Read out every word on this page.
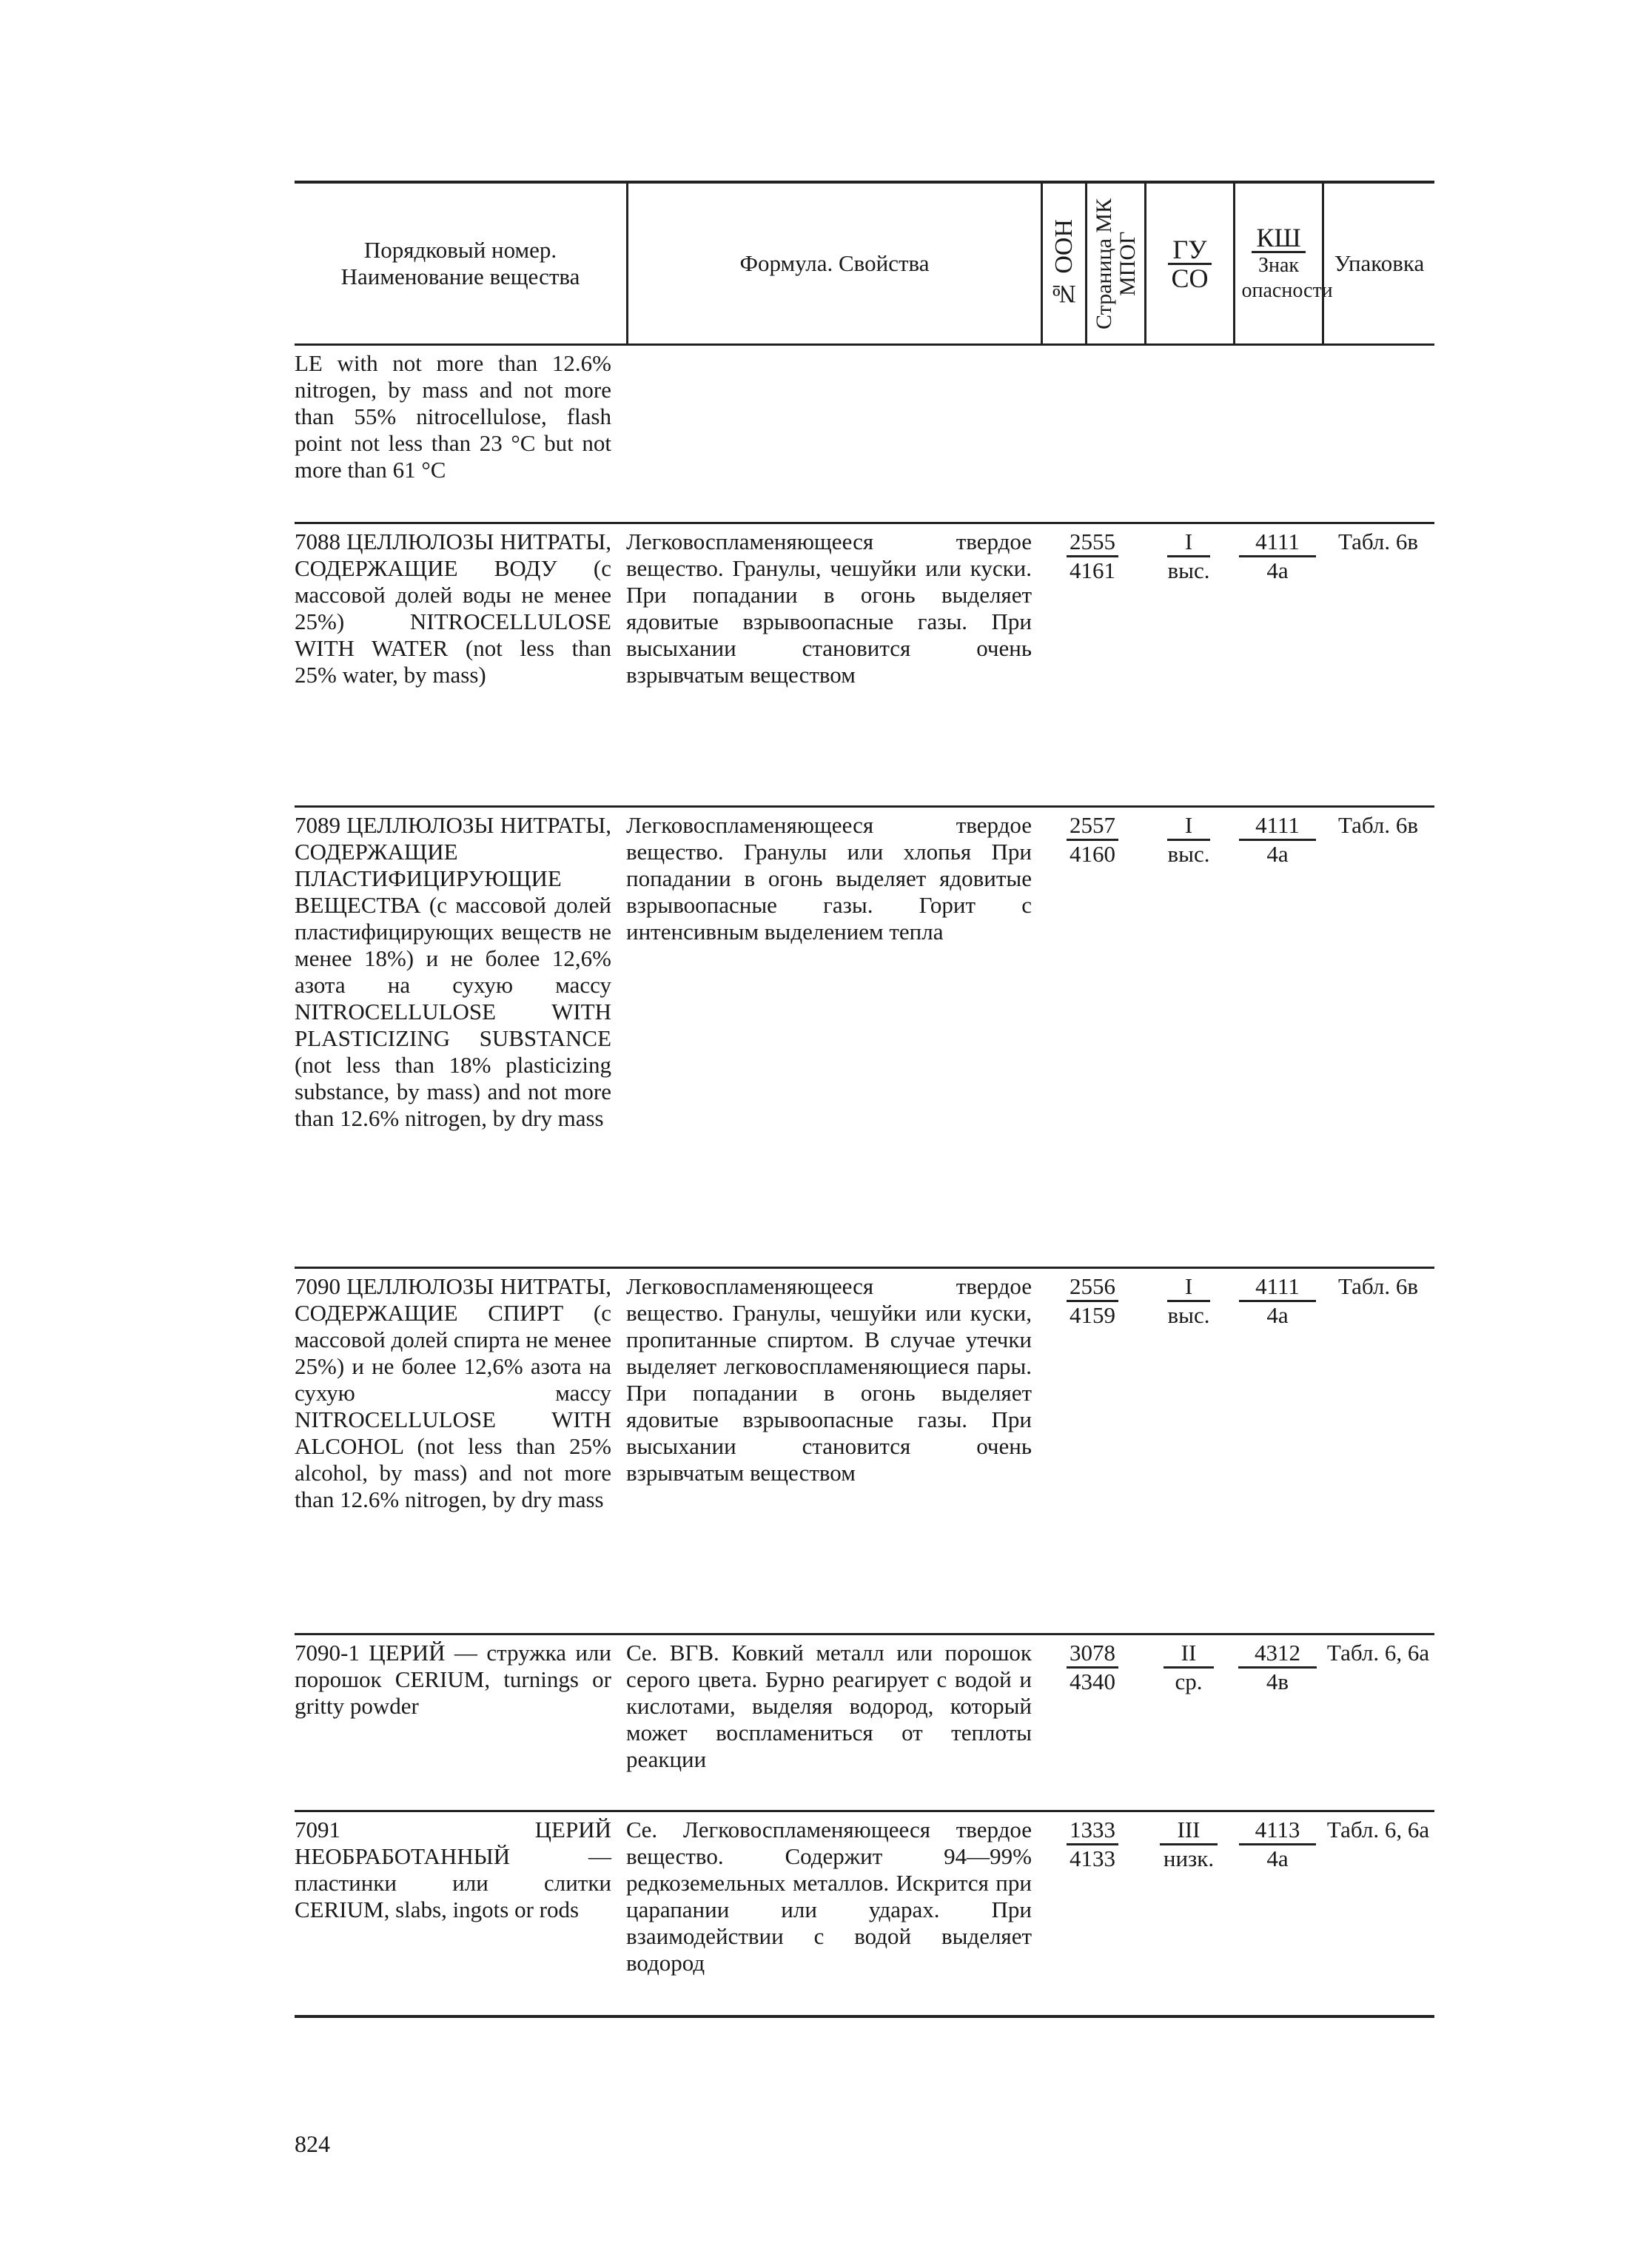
Порядковый номер. Наименование вещества
Формула. Свойства	№ ООН Страница МК МПОГ $\frac{ГУ}{СО} \frac{КШ}{\text{Знак опасности}}$ Упаковка
LE with not more than 12.6% nitrogen, by mass and not more than 55% nitrocellulose, flash point not less than 23 °C but not more than 61 °C
7088 ЦЕЛЛЮЛОЗЫ НИТРАТЫ, СОДЕРЖАЩИЕ ВОДУ (с массовой долей воды не менее 25%) NITROCELLULOSE WITH WATER (not less than 25% water, by mass)
Легковоспламеняющееся твердое вещество. Гранулы, чешуйки или куски. При попадании в огонь выделяет ядовитые взрывоопасные газы. При высыхании становится очень взрывчатым веществом
2555
4161
I
выс.
4111
4а
Табл. 6в
7089 ЦЕЛЛЮЛОЗЫ НИТРАТЫ, СОДЕРЖАЩИЕ ПЛАСТИФИЦИРУЮЩИЕ ВЕЩЕСТВА (с массовой долей пластифицирующих веществ не менее 18%) и не более 12,6% азота на сухую массу NITROCELLULOSE WITH PLASTICIZING SUBSTANCE (not less than 18% plasticizing substance, by mass) and not more than 12.6% nitrogen, by dry mass
Легковоспламеняющееся твердое вещество. Гранулы или хлопья При попадании в огонь выделяет ядовитые взрывоопасные газы. Горит с интенсивным выделением тепла
2557
4160
I
выс.
4111
4а
Табл. 6в
7090 ЦЕЛЛЮЛОЗЫ НИТРАТЫ, СОДЕРЖАЩИЕ СПИРТ (с массовой долей спирта не менее 25%) и не более 12,6% азота на сухую массу NITROCELLULOSE WITH ALCOHOL (not less than 25% alcohol, by mass) and not more than 12.6% nitrogen, by dry mass
Легковоспламеняющееся твердое вещество. Гранулы, чешуйки или куски, пропитанные спиртом. В случае утечки выделяет легковоспламеняющиеся пары. При попадании в огонь выделяет ядовитые взрывоопасные газы. При высыхании становится очень взрывчатым веществом
2556
4159
I
выс.
4111
4а
Табл. 6в
7090-1 ЦЕРИЙ — стружка или порошок CERIUM, turnings or gritty powder
Ce. ВГВ. Ковкий металл или порошок серого цвета. Бурно реагирует с водой и кислотами, выделяя водород, который может воспламениться от теплоты реакции
3078
4340
II
ср.
4312
4в
Табл. 6, 6а
7091 ЦЕРИЙ НЕОБРАБОТАННЫЙ — пластинки или слитки CERIUM, slabs, ingots or rods
Ce. Легковоспламеняющееся твердое вещество. Содержит 94—99% редкоземельных металлов. Искрится при царапании или ударах. При взаимодействии с водой выделяет водород
1333
4133
III
низк.
4113
4а
Табл. 6, 6а
824
